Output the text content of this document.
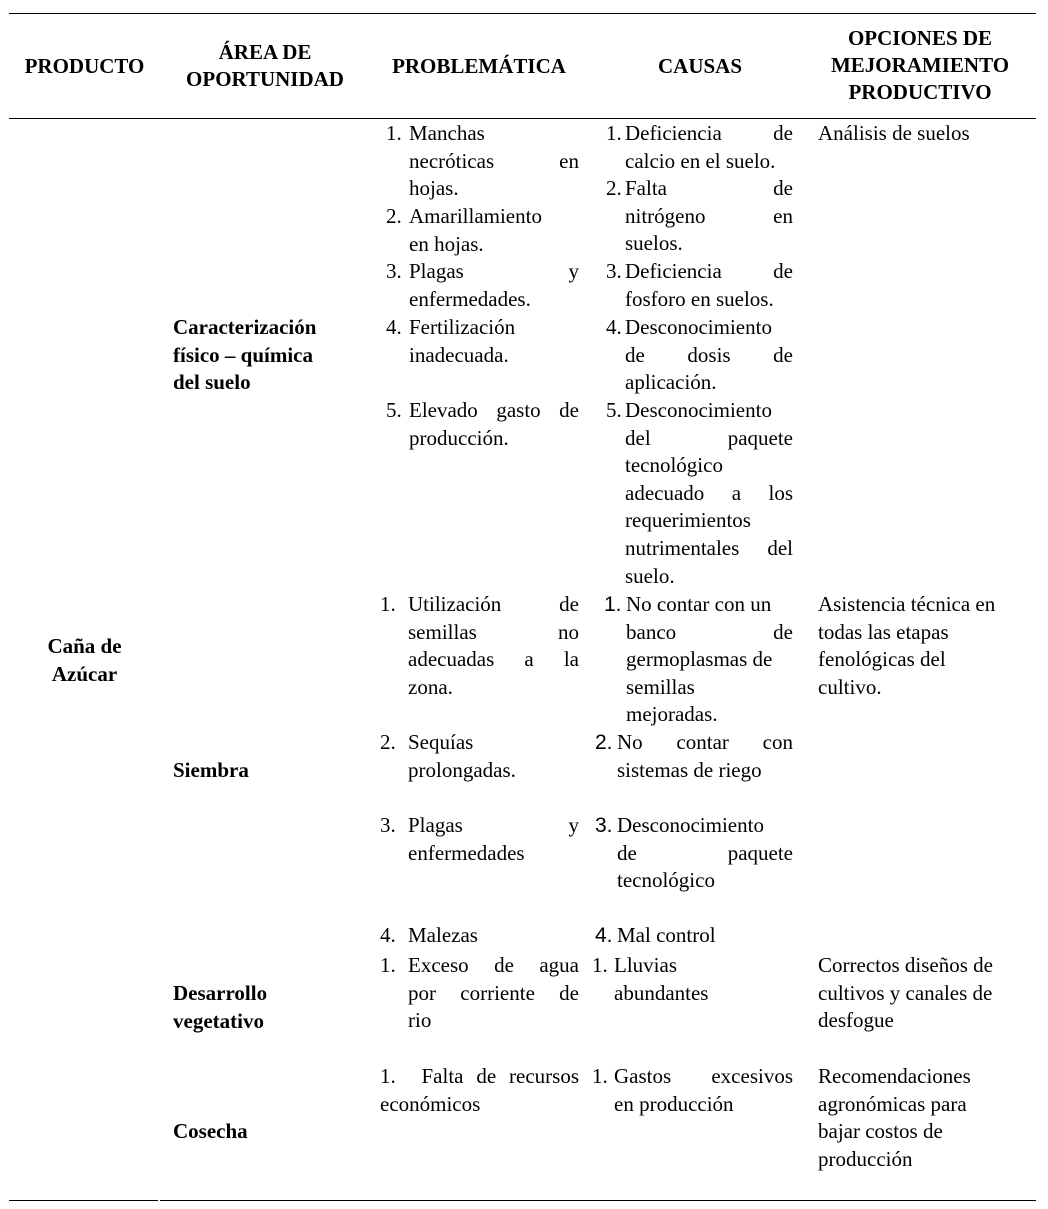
PRODUCTO
ÁREA DE
OPORTUNIDAD
PROBLEMÁTICA	CAUSAS
OPCIONES DE
MEJORAMIENTO
PRODUCTIVO
Caña de
Azúcar
Caracterización
físico – química
del suelo
Siembra
Desarrollo
vegetativo
Cosecha
1. Manchas
necróticas en
hojas.
2. Amarillamiento
en hojas.
3. Plagas y
enfermedades.
4. Fertilización
inadecuada.
5. Elevado gasto de
producción.
1. Deficiencia de
calcio en el suelo.
2. Falta de
nitrógeno en
suelos.
3. Deficiencia de
fosforo en suelos.
4. Desconocimiento
de dosis de
aplicación.
5. Desconocimiento
del paquete
tecnológico
adecuado a los
requerimientos
nutrimentales del
suelo.
Análisis de suelos
1. Utilización de
semillas no
adecuadas a la
zona.
2. Sequías
prolongadas.
3. Plagas y
enfermedades
4. Malezas
1. No contar con un
banco de
germoplasmas de
semillas
mejoradas.
2. No contar con
sistemas de riego
3. Desconocimiento
de paquete
tecnológico
4. Mal control
Asistencia técnica en
todas las etapas
fenológicas del
cultivo.
1. Exceso de agua
por corriente de
rio
1. Lluvias
abundantes
Correctos diseños de
cultivos y canales de
desfogue
1. Falta de recursos
económicos
1. Gastos excesivos
en producción
Recomendaciones
agronómicas para
bajar costos de
producción
